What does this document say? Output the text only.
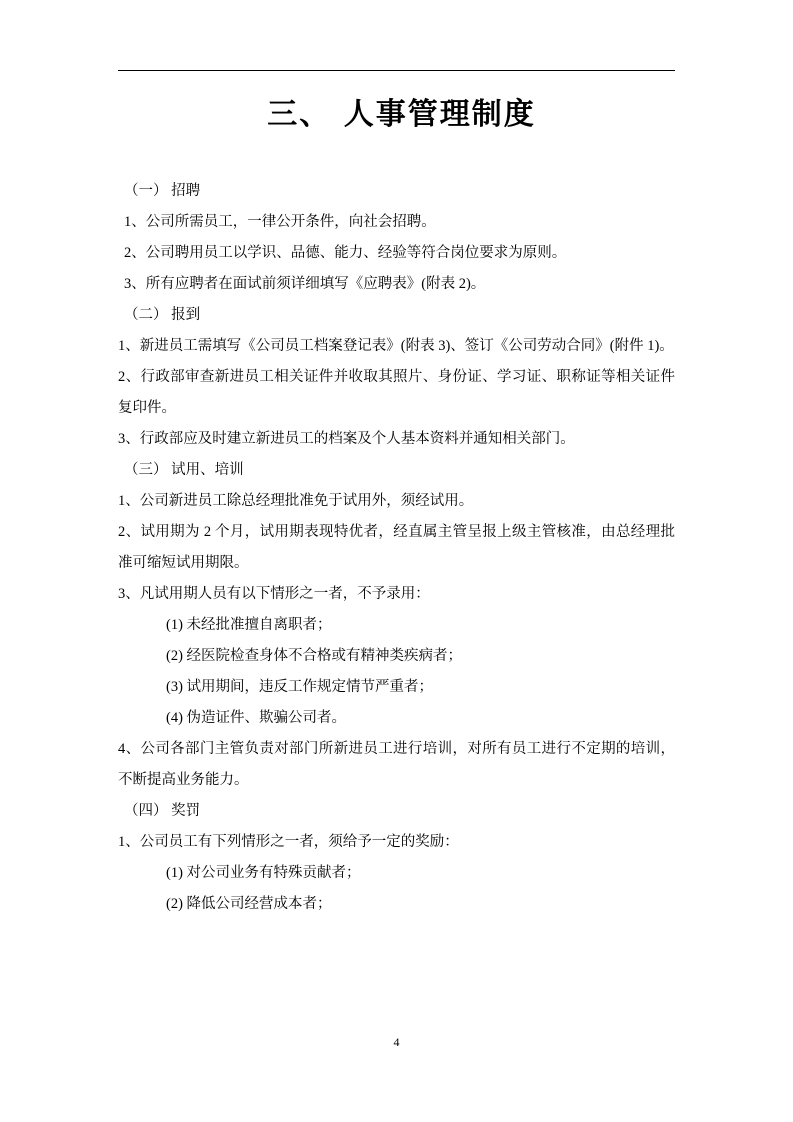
三、 人事管理制度

（一） 招聘

1、公司所需员工，一律公开条件，向社会招聘。

2、公司聘用员工以学识、品德、能力、经验等符合岗位要求为原则。

3、所有应聘者在面试前须详细填写《应聘表》(附表 2)。

（二） 报到

1、新进员工需填写《公司员工档案登记表》(附表 3)、签订《公司劳动合同》(附件 1)。

2、行政部审查新进员工相关证件并收取其照片、身份证、学习证、职称证等相关证件复印件。

3、行政部应及时建立新进员工的档案及个人基本资料并通知相关部门。

（三） 试用、培训

1、公司新进员工除总经理批准免于试用外，须经试用。

2、试用期为 2 个月，试用期表现特优者，经直属主管呈报上级主管核准，由总经理批准可缩短试用期限。

3、凡试用期人员有以下情形之一者，不予录用：

(1) 未经批准擅自离职者；

(2) 经医院检查身体不合格或有精神类疾病者；

(3) 试用期间，违反工作规定情节严重者；

(4) 伪造证件、欺骗公司者。

4、公司各部门主管负责对部门所新进员工进行培训，对所有员工进行不定期的培训，不断提高业务能力。

（四） 奖罚

1、公司员工有下列情形之一者，须给予一定的奖励：

(1) 对公司业务有特殊贡献者；

(2) 降低公司经营成本者；

4
